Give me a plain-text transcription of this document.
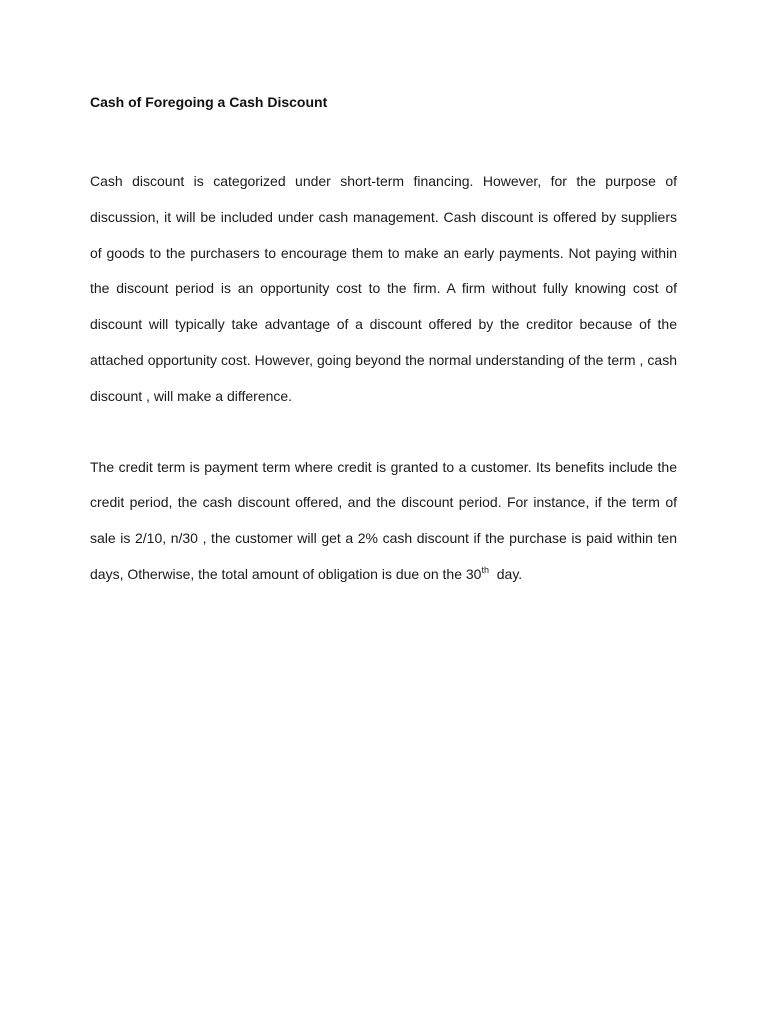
Cash of Foregoing a Cash Discount

Cash discount is categorized under short-term financing. However, for the purpose of discussion, it will be included under cash management. Cash discount is offered by suppliers of goods to the purchasers to encourage them to make an early payments. Not paying within the discount period is an opportunity cost to the firm. A firm without fully knowing cost of discount will typically take advantage of a discount offered by the creditor because of the attached opportunity cost. However, going beyond the normal understanding of the term , cash discount , will make a difference.

The credit term is payment term where credit is granted to a customer. Its benefits include the credit period, the cash discount offered, and the discount period. For instance, if the term of sale is 2/10, n/30 , the customer will get a 2% cash discount if the purchase is paid within ten days, Otherwise, the total amount of obligation is due on the 30th  day.
